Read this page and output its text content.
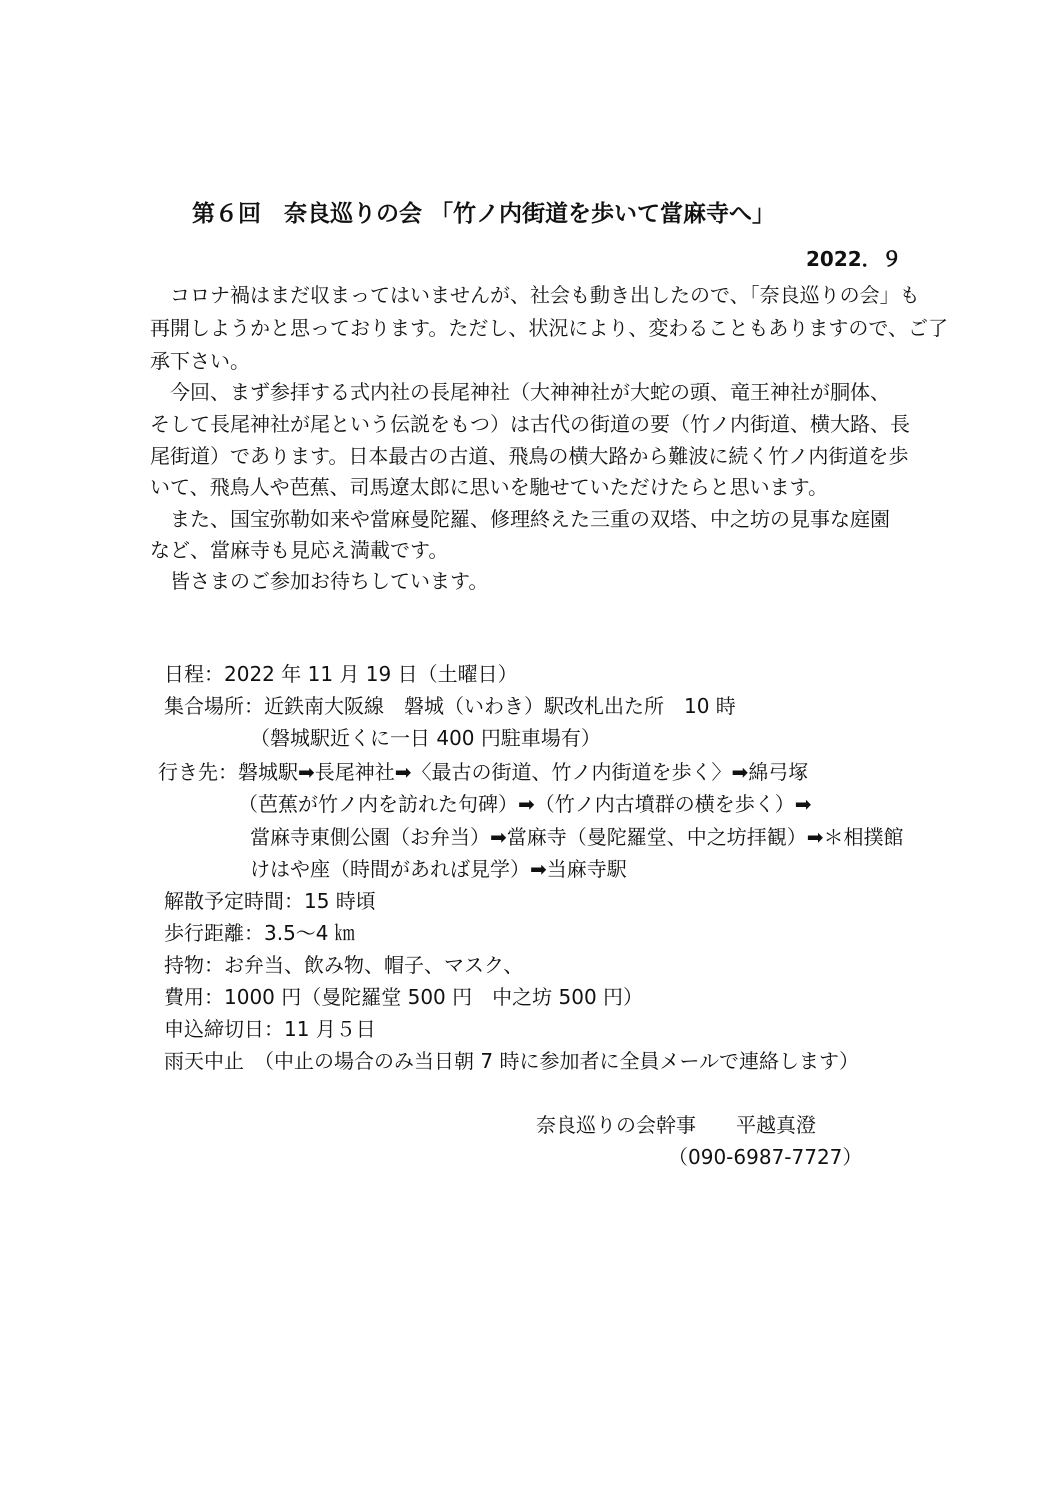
第６回　奈良巡りの会 「竹ノ内街道を歩いて當麻寺へ」
2022．９

　コロナ禍はまだ収まってはいませんが、社会も動き出したので、「奈良巡りの会」も

再開しようかと思っております。ただし、状況により、変わることもありますので、ご了

承下さい。

　今回、まず参拝する式内社の長尾神社（大神神社が大蛇の頭、竜王神社が胴体、

そして長尾神社が尾という伝説をもつ）は古代の街道の要（竹ノ内街道、横大路、長

尾街道）であります。日本最古の古道、飛鳥の横大路から難波に続く竹ノ内街道を歩

いて、飛鳥人や芭蕉、司馬遼太郎に思いを馳せていただけたらと思います。

　また、国宝弥勒如来や當麻曼陀羅、修理終えた三重の双塔、中之坊の見事な庭園

など、當麻寺も見応え満載です。

　皆さまのご参加お待ちしています。

日程：2022 年 11 月 19 日（土曜日）

集合場所：近鉄南大阪線　磐城（いわき）駅改札出た所　10 時

（磐城駅近くに一日 400 円駐車場有）

行き先：磐城駅➡長尾神社➡〈最古の街道、竹ノ内街道を歩く〉➡綿弓塚

（芭蕉が竹ノ内を訪れた句碑）➡（竹ノ内古墳群の横を歩く）➡

當麻寺東側公園（お弁当）➡當麻寺（曼陀羅堂、中之坊拝観）➡＊相撲館

けはや座（時間があれば見学）➡当麻寺駅

解散予定時間：15 時頃

歩行距離：3.5～4 ㎞

持物：お弁当、飲み物、帽子、マスク、

費用：1000 円（曼陀羅堂 500 円　中之坊 500 円）

申込締切日：11 月５日

雨天中止　（中止の場合のみ当日朝 7 時に参加者に全員メールで連絡します）

奈良巡りの会幹事　　平越真澄

（090-6987-7727）
